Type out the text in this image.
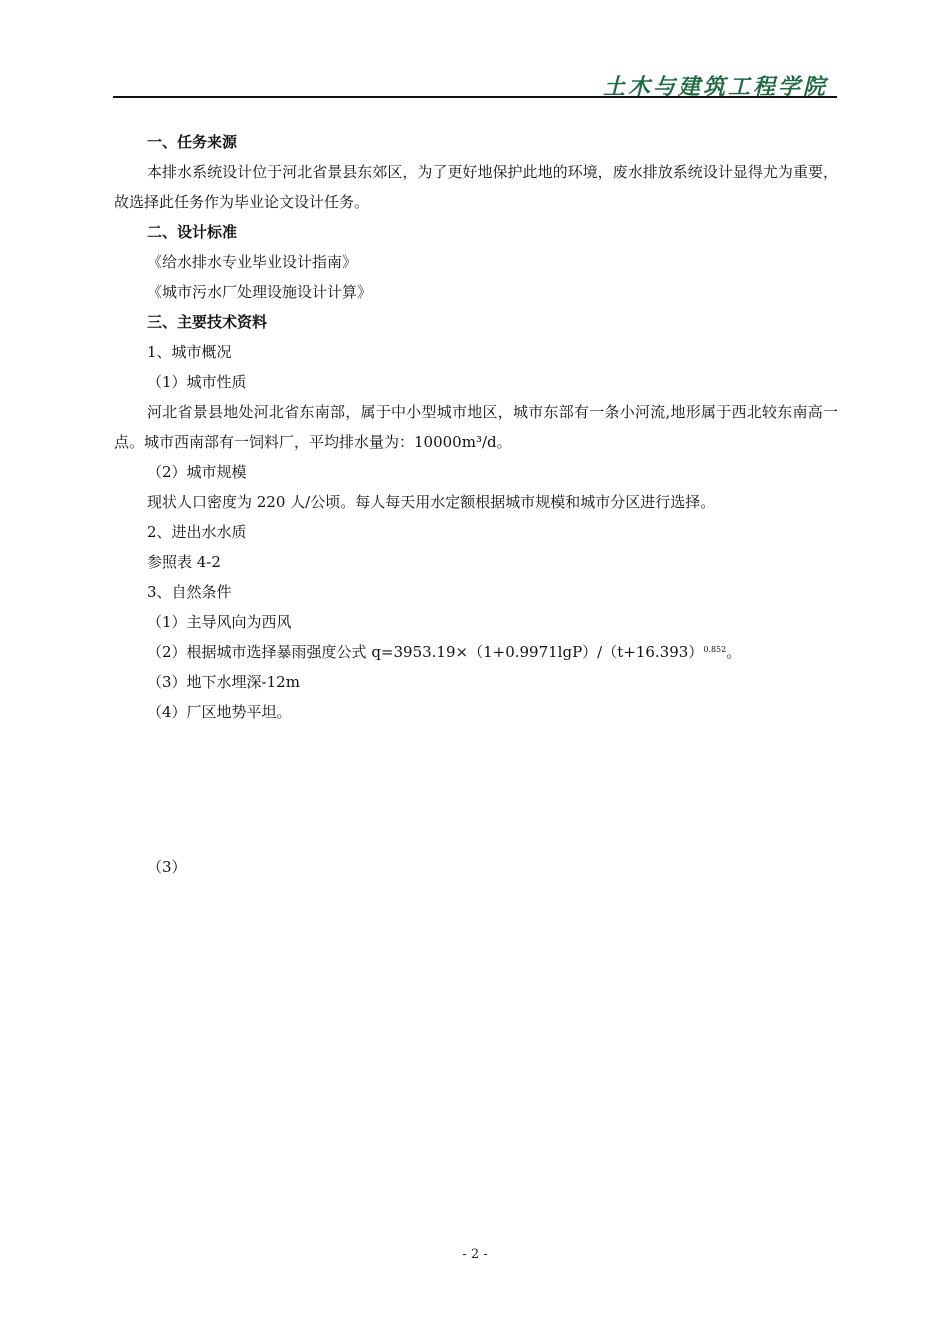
土木与建筑工程学院

一、任务来源

本排水系统设计位于河北省景县东郊区，为了更好地保护此地的环境，废水排放系统设计显得尤为重要，故选择此任务作为毕业论文设计任务。

二、设计标准

《给水排水专业毕业设计指南》

《城市污水厂处理设施设计计算》

三、主要技术资料

1、城市概况

（1）城市性质

河北省景县地处河北省东南部，属于中小型城市地区，城市东部有一条小河流,地形属于西北较东南高一点。城市西南部有一饲料厂，平均排水量为：10000m³/d。

（2）城市规模

现状人口密度为 220 人/公顷。每人每天用水定额根据城市规模和城市分区进行选择。

2、进出水水质

参照表 4-2

3、自然条件

（1）主导风向为西风

（2）根据城市选择暴雨强度公式 $q=3953.19\times(1+0.9971\lg P)/(t+16.393)^{0.852}$。

（3）地下水埋深-12m

（4）厂区地势平坦。

（3）

- 2 -
